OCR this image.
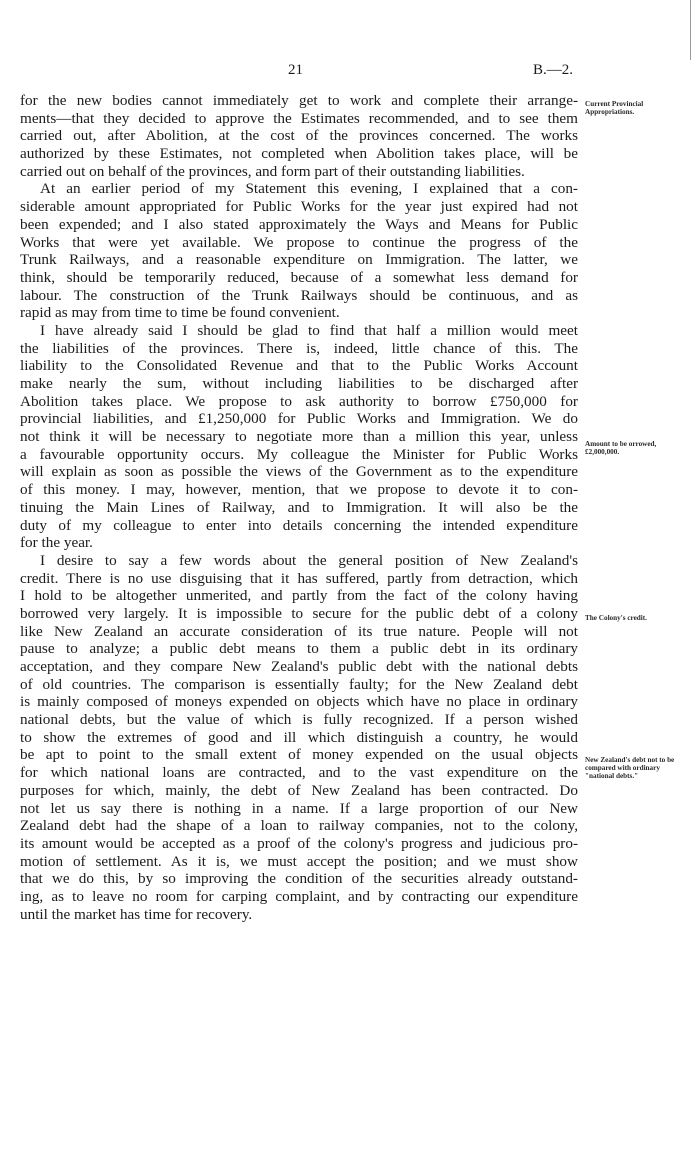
21	B.—2.

for the new bodies cannot immediately get to work and complete their arrange-
ments—that they decided to approve the Estimates recommended, and to see them
carried out, after Abolition, at the cost of the provinces concerned. The works
authorized by these Estimates, not completed when Abolition takes place, will be
carried out on behalf of the provinces, and form part of their outstanding liabilities.

At an earlier period of my Statement this evening, I explained that a con-
siderable amount appropriated for Public Works for the year just expired had not
been expended; and I also stated approximately the Ways and Means for Public
Works that were yet available. We propose to continue the progress of the
Trunk Railways, and a reasonable expenditure on Immigration. The latter, we
think, should be temporarily reduced, because of a somewhat less demand for
labour. The construction of the Trunk Railways should be continuous, and as
rapid as may from time to time be found convenient.

I have already said I should be glad to find that half a million would meet
the liabilities of the provinces. There is, indeed, little chance of this. The
liability to the Consolidated Revenue and that to the Public Works Account
make nearly the sum, without including liabilities to be discharged after
Abolition takes place. We propose to ask authority to borrow £750,000 for
provincial liabilities, and £1,250,000 for Public Works and Immigration. We do
not think it will be necessary to negotiate more than a million this year, unless
a favourable opportunity occurs. My colleague the Minister for Public Works
will explain as soon as possible the views of the Government as to the expenditure
of this money. I may, however, mention, that we propose to devote it to con-
tinuing the Main Lines of Railway, and to Immigration. It will also be the
duty of my colleague to enter into details concerning the intended expenditure
for the year.

I desire to say a few words about the general position of New Zealand's
credit. There is no use disguising that it has suffered, partly from detraction, which
I hold to be altogether unmerited, and partly from the fact of the colony having
borrowed very largely. It is impossible to secure for the public debt of a colony
like New Zealand an accurate consideration of its true nature. People will not
pause to analyze; a public debt means to them a public debt in its ordinary
acceptation, and they compare New Zealand's public debt with the national debts
of old countries. The comparison is essentially faulty; for the New Zealand debt
is mainly composed of moneys expended on objects which have no place in ordinary
national debts, but the value of which is fully recognized. If a person wished
to show the extremes of good and ill which distinguish a country, he would
be apt to point to the small extent of money expended on the usual objects
for which national loans are contracted, and to the vast expenditure on the
purposes for which, mainly, the debt of New Zealand has been contracted. Do
not let us say there is nothing in a name. If a large proportion of our New
Zealand debt had the shape of a loan to railway companies, not to the colony,
its amount would be accepted as a proof of the colony's progress and judicious pro-
motion of settlement. As it is, we must accept the position; and we must show
that we do this, by so improving the condition of the securities already outstand-
ing, as to leave no room for carping complaint, and by contracting our expenditure
until the market has time for recovery.

Current Provincial Appropriations.
Amount to be orrowed, £2,000,000.
The Colony's credit.
New Zealand's debt not to be compared with ordinary "national debts."
